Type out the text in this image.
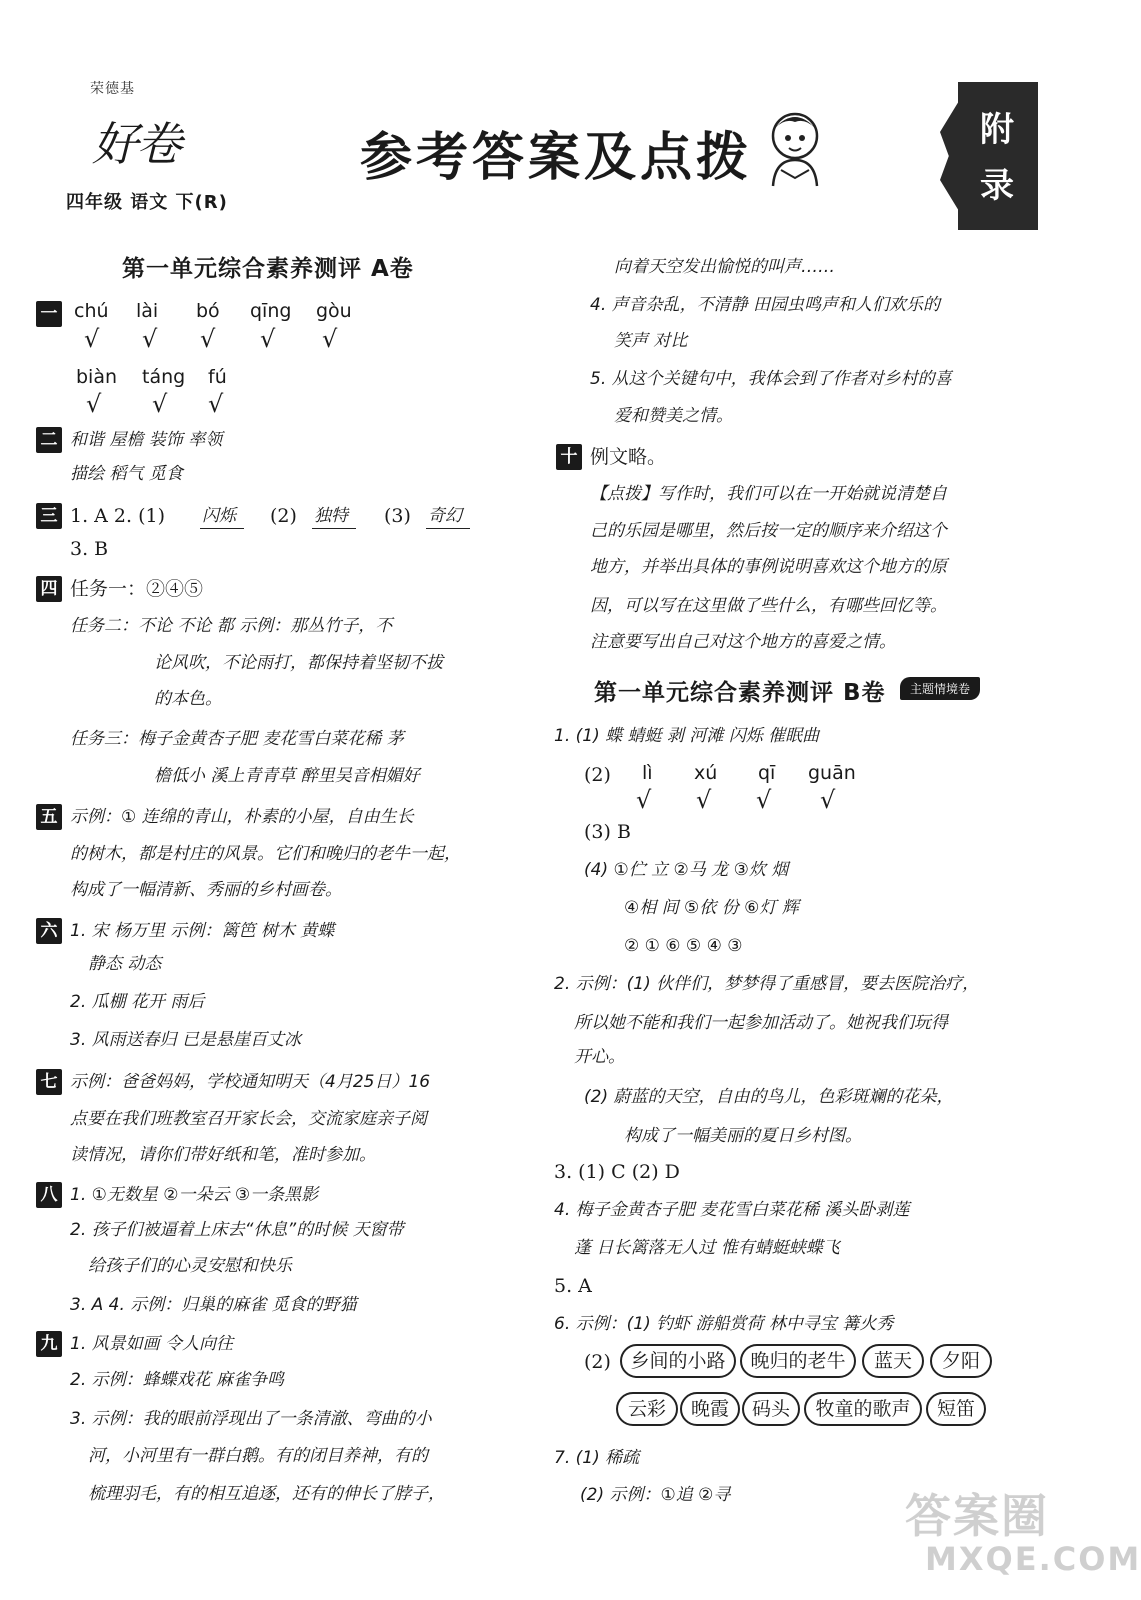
荣德基
好卷
四年级 语文 下(R)
参考答案及点拨	附
录
第一单元综合素养测评 A卷
一 chú lài bó qīng gòu
√ √ √ √ √
biàn táng fú
√ √ √
二 和谐 屋檐 装饰 率领
描绘 稻气 觅食
三 1. A 2. (1) 闪烁 (2) 独特 (3) 奇幻
3. B
四 任务一：②④⑤
任务二：不论 不论 都 示例：那丛竹子，不
论风吹，不论雨打，都保持着坚韧不拔
的本色。
任务三：梅子金黄杏子肥 麦花雪白菜花稀 茅
檐低小 溪上青青草 醉里吴音相媚好
五 示例：① 连绵的青山，朴素的小屋，自由生长
的树木，都是村庄的风景。它们和晚归的老牛一起，
构成了一幅清新、秀丽的乡村画卷。
六 1. 宋 杨万里 示例：篱笆 树木 黄蝶
静态 动态
2. 瓜棚 花开 雨后
3. 风雨送春归 已是悬崖百丈冰
七 示例：爸爸妈妈，学校通知明天（4月25日）16
点要在我们班教室召开家长会，交流家庭亲子阅
读情况，请你们带好纸和笔，准时参加。
八 1. ①无数星 ②一朵云 ③一条黑影
2. 孩子们被逼着上床去“休息”的时候 天窗带
给孩子们的心灵安慰和快乐
3. A 4. 示例：归巢的麻雀 觅食的野猫
九 1. 风景如画 令人向往
2. 示例：蜂蝶戏花 麻雀争鸣
3. 示例：我的眼前浮现出了一条清澈、弯曲的小
河，小河里有一群白鹅。有的闭目养神，有的
梳理羽毛，有的相互追逐，还有的伸长了脖子，
向着天空发出愉悦的叫声……
4. 声音杂乱，不清静 田园虫鸣声和人们欢乐的
笑声 对比
5. 从这个关键句中，我体会到了作者对乡村的喜
爱和赞美之情。
十 例文略。
【点拨】写作时，我们可以在一开始就说清楚自
己的乐园是哪里，然后按一定的顺序来介绍这个
地方，并举出具体的事例说明喜欢这个地方的原
因，可以写在这里做了些什么，有哪些回忆等。
注意要写出自己对这个地方的喜爱之情。
第一单元综合素养测评 B卷	主题情境卷
1. (1) 蝶 蜻蜓 剥 河滩 闪烁 催眠曲
(2) lì xú qī guān
√ √ √ √
(3) B
(4) ①伫 立 ②马 龙 ③炊 烟
④相 间 ⑤依 份 ⑥灯 辉
② ① ⑥ ⑤ ④ ③
2. 示例：(1) 伙伴们，梦梦得了重感冒，要去医院治疗，
所以她不能和我们一起参加活动了。她祝我们玩得
开心。
(2) 蔚蓝的天空，自由的鸟儿，色彩斑斓的花朵，
构成了一幅美丽的夏日乡村图。
3. (1) C (2) D
4. 梅子金黄杏子肥 麦花雪白菜花稀 溪头卧剥莲
蓬 日长篱落无人过 惟有蜻蜓蛱蝶飞
5. A
6. 示例：(1) 钓虾 游船赏荷 林中寻宝 篝火秀
(2)	乡间的小路	晚归的老牛	蓝天	夕阳
云彩	晚霞	码头	牧童的歌声	短笛
7. (1) 稀疏
(2) 示例：①追 ②寻	答案圈
MXQE.COM
